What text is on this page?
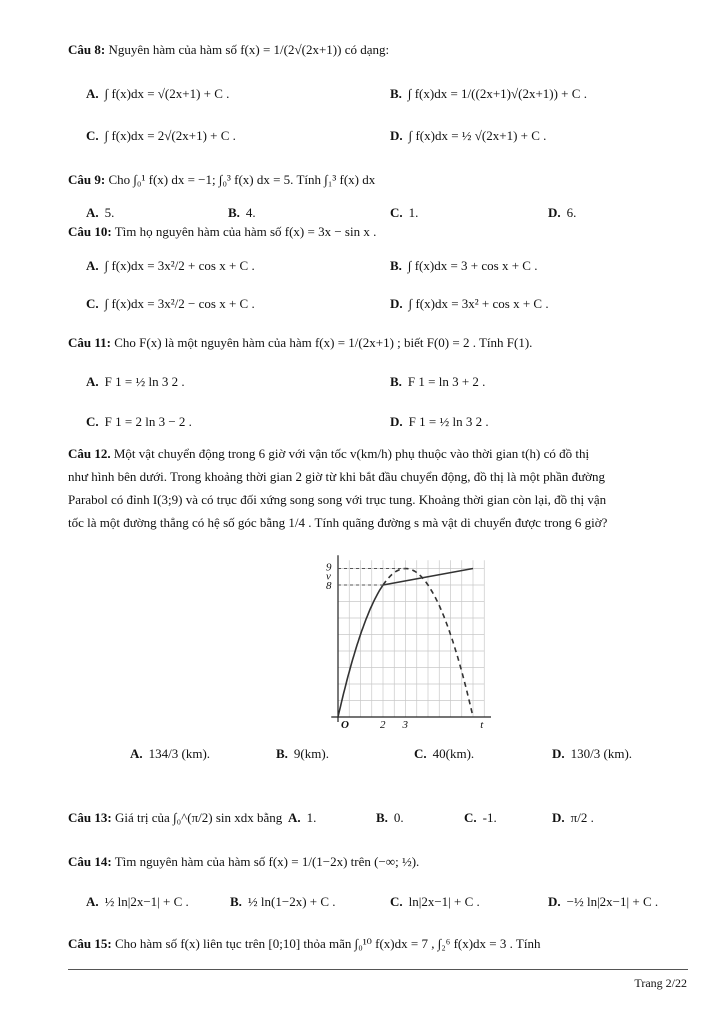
Câu 8: Nguyên hàm của hàm số f(x) = 1/(2√(2x+1)) có dạng:
A. ∫ f(x)dx = √(2x+1) + C .	B. ∫ f(x)dx = 1/((2x+1)√(2x+1)) + C .
C. ∫ f(x)dx = 2√(2x+1) + C .	D. ∫ f(x)dx = ½ √(2x+1) + C .
Câu 9: Cho ∫₀¹ f(x) dx = −1; ∫₀³ f(x) dx = 5. Tính ∫₁³ f(x) dx
A. 5.	B. 4.	C. 1.	D. 6.
Câu 10: Tìm họ nguyên hàm của hàm số f(x) = 3x − sin x .
A. ∫ f(x)dx = 3x²/2 + cos x + C .	B. ∫ f(x)dx = 3 + cos x + C .
C. ∫ f(x)dx = 3x²/2 − cos x + C .	D. ∫ f(x)dx = 3x² + cos x + C .
Câu 11: Cho F(x) là một nguyên hàm của hàm f(x) = 1/(2x+1) ; biết F(0) = 2 . Tính F(1).
A. F 1 = ½ ln 3 2 .	B. F 1 = ln 3 + 2 .
C. F 1 = 2 ln 3 − 2 .	D. F 1 = ½ ln 3 2 .
Câu 12. Một vật chuyển động trong 6 giờ với vận tốc v(km/h) phụ thuộc vào thời gian t(h) có đồ thị
như hình bên dưới. Trong khoảng thời gian 2 giờ từ khi bắt đầu chuyển động, đồ thị là một phần đường
Parabol có đỉnh I(3;9) và có trục đối xứng song song với trục tung. Khoảng thời gian còn lại, đồ thị vận
tốc là một đường thẳng có hệ số góc bằng 1/4 . Tính quãng đường s mà vật di chuyển được trong 6 giờ?
O	2 3	t
9
8
v
A. 134/3 (km).	B. 9(km).	C. 40(km).	D. 130/3 (km).
Câu 13: Giá trị của ∫₀^(π/2) sin xdx bằng A. 1.	B. 0.	C. -1.	D. π/2 .
Câu 14: Tìm nguyên hàm của hàm số f(x) = 1/(1−2x) trên (−∞; ½).
A. ½ ln|2x−1| + C .	B. ½ ln(1−2x) + C .	C. ln|2x−1| + C .	D. −½ ln|2x−1| + C .
Câu 15: Cho hàm số f(x) liên tục trên [0;10] thỏa mãn ∫₀¹⁰ f(x)dx = 7 , ∫₂⁶ f(x)dx = 3 . Tính
Trang 2/22
